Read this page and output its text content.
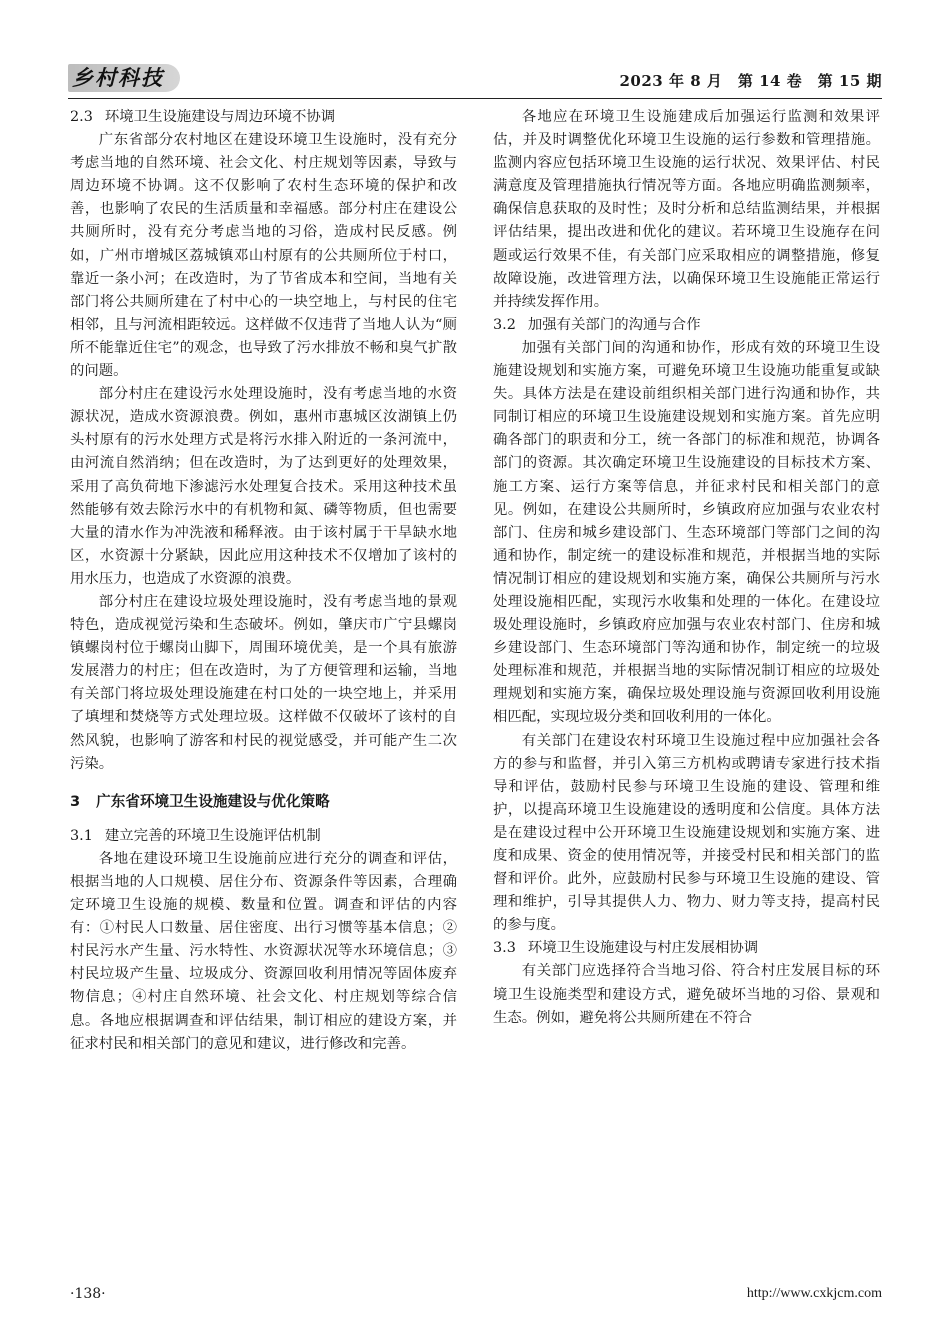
乡村科技	2023 年 8 月　第 14 卷　第 15 期
2.3 环境卫生设施建设与周边环境不协调

广东省部分农村地区在建设环境卫生设施时，没有充分考虑当地的自然环境、社会文化、村庄规划等因素，导致与周边环境不协调。这不仅影响了农村生态环境的保护和改善，也影响了农民的生活质量和幸福感。部分村庄在建设公共厕所时，没有充分考虑当地的习俗，造成村民反感。例如，广州市增城区荔城镇邓山村原有的公共厕所位于村口，靠近一条小河；在改造时，为了节省成本和空间，当地有关部门将公共厕所建在了村中心的一块空地上，与村民的住宅相邻，且与河流相距较远。这样做不仅违背了当地人认为“厕所不能靠近住宅”的观念，也导致了污水排放不畅和臭气扩散的问题。

部分村庄在建设污水处理设施时，没有考虑当地的水资源状况，造成水资源浪费。例如，惠州市惠城区汝湖镇上仍头村原有的污水处理方式是将污水排入附近的一条河流中，由河流自然消纳；但在改造时，为了达到更好的处理效果，采用了高负荷地下渗滤污水处理复合技术。采用这种技术虽然能够有效去除污水中的有机物和氮、磷等物质，但也需要大量的清水作为冲洗液和稀释液。由于该村属于干旱缺水地区，水资源十分紧缺，因此应用这种技术不仅增加了该村的用水压力，也造成了水资源的浪费。

部分村庄在建设垃圾处理设施时，没有考虑当地的景观特色，造成视觉污染和生态破坏。例如，肇庆市广宁县螺岗镇螺岗村位于螺岗山脚下，周围环境优美，是一个具有旅游发展潜力的村庄；但在改造时，为了方便管理和运输，当地有关部门将垃圾处理设施建在村口处的一块空地上，并采用了填埋和焚烧等方式处理垃圾。这样做不仅破坏了该村的自然风貌，也影响了游客和村民的视觉感受，并可能产生二次污染。

3 广东省环境卫生设施建设与优化策略
3.1 建立完善的环境卫生设施评估机制

各地在建设环境卫生设施前应进行充分的调查和评估，根据当地的人口规模、居住分布、资源条件等因素，合理确定环境卫生设施的规模、数量和位置。调查和评估的内容有：①村民人口数量、居住密度、出行习惯等基本信息；②村民污水产生量、污水特性、水资源状况等水环境信息；③村民垃圾产生量、垃圾成分、资源回收利用情况等固体废弃物信息；④村庄自然环境、社会文化、村庄规划等综合信息。各地应根据调查和评估结果，制订相应的建设方案，并征求村民和相关部门的意见和建议，进行修改和完善。

各地应在环境卫生设施建成后加强运行监测和效果评估，并及时调整优化环境卫生设施的运行参数和管理措施。监测内容应包括环境卫生设施的运行状况、效果评估、村民满意度及管理措施执行情况等方面。各地应明确监测频率，确保信息获取的及时性；及时分析和总结监测结果，并根据评估结果，提出改进和优化的建议。若环境卫生设施存在问题或运行效果不佳，有关部门应采取相应的调整措施，修复故障设施，改进管理方法，以确保环境卫生设施能正常运行并持续发挥作用。

3.2 加强有关部门的沟通与合作

加强有关部门间的沟通和协作，形成有效的环境卫生设施建设规划和实施方案，可避免环境卫生设施功能重复或缺失。具体方法是在建设前组织相关部门进行沟通和协作，共同制订相应的环境卫生设施建设规划和实施方案。首先应明确各部门的职责和分工，统一各部门的标准和规范，协调各部门的资源。其次确定环境卫生设施建设的目标技术方案、施工方案、运行方案等信息，并征求村民和相关部门的意见。例如，在建设公共厕所时，乡镇政府应加强与农业农村部门、住房和城乡建设部门、生态环境部门等部门之间的沟通和协作，制定统一的建设标准和规范，并根据当地的实际情况制订相应的建设规划和实施方案，确保公共厕所与污水处理设施相匹配，实现污水收集和处理的一体化。在建设垃圾处理设施时，乡镇政府应加强与农业农村部门、住房和城乡建设部门、生态环境部门等沟通和协作，制定统一的垃圾处理标准和规范，并根据当地的实际情况制订相应的垃圾处理规划和实施方案，确保垃圾处理设施与资源回收利用设施相匹配，实现垃圾分类和回收利用的一体化。

有关部门在建设农村环境卫生设施过程中应加强社会各方的参与和监督，并引入第三方机构或聘请专家进行技术指导和评估，鼓励村民参与环境卫生设施的建设、管理和维护，以提高环境卫生设施建设的透明度和公信度。具体方法是在建设过程中公开环境卫生设施建设规划和实施方案、进度和成果、资金的使用情况等，并接受村民和相关部门的监督和评价。此外，应鼓励村民参与环境卫生设施的建设、管理和维护，引导其提供人力、物力、财力等支持，提高村民的参与度。

3.3 环境卫生设施建设与村庄发展相协调

有关部门应选择符合当地习俗、符合村庄发展目标的环境卫生设施类型和建设方式，避免破坏当地的习俗、景观和生态。例如，避免将公共厕所建在不符合

·138·	http://www.cxkjcm.com
